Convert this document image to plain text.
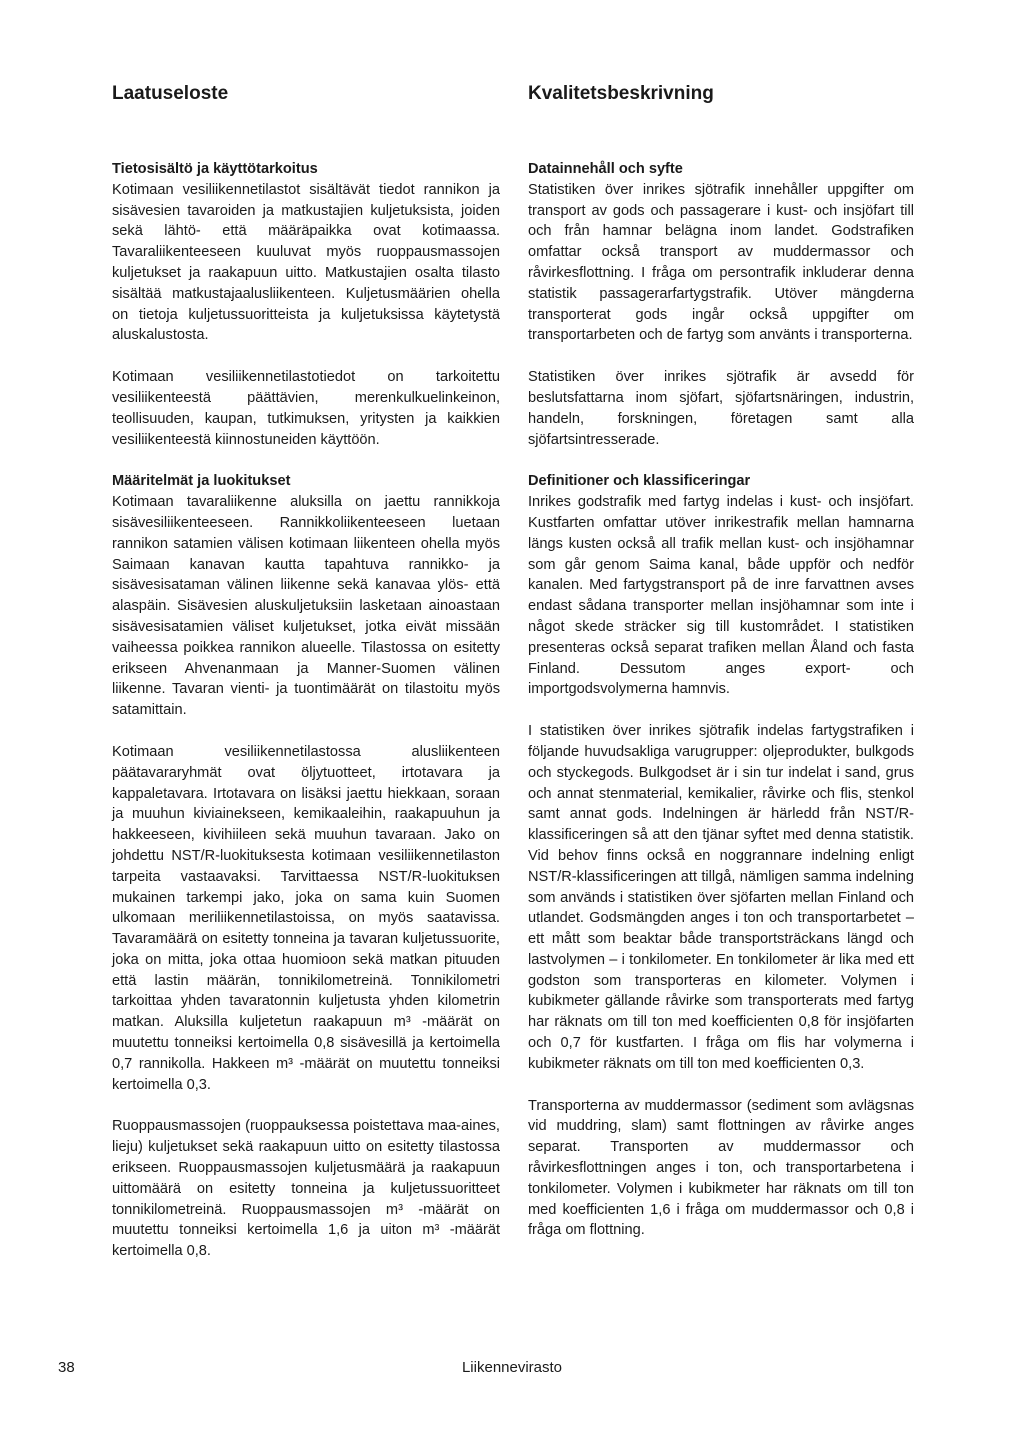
Laatuseloste
Tietosisältö ja käyttötarkoitus

Kotimaan vesiliikennetilastot sisältävät tiedot rannikon ja sisävesien tavaroiden ja matkustajien kuljetuksista, joiden sekä lähtö- että määräpaikka ovat kotimaassa. Tavaraliikenteeseen kuuluvat myös ruoppausmassojen kuljetukset ja raakapuun uitto. Matkustajien osalta tilasto sisältää matkustajaalusliikenteen. Kuljetusmäärien ohella on tietoja kuljetussuoritteista ja kuljetuksissa käytetystä aluskalustosta.

Kotimaan vesiliikennetilastotiedot on tarkoitettu vesiliikenteestä päättävien, merenkulkuelinkeinon, teollisuuden, kaupan, tutkimuksen, yritysten ja kaikkien vesiliikenteestä kiinnostuneiden käyttöön.

Määritelmät ja luokitukset

Kotimaan tavaraliikenne aluksilla on jaettu rannikkoja sisävesiliikenteeseen. Rannikkoliikenteeseen luetaan rannikon satamien välisen kotimaan liikenteen ohella myös Saimaan kanavan kautta tapahtuva rannikko- ja sisävesisataman välinen liikenne sekä kanavaa ylös- että alaspäin. Sisävesien aluskuljetuksiin lasketaan ainoastaan sisävesisatamien väliset kuljetukset, jotka eivät missään vaiheessa poikkea rannikon alueelle. Tilastossa on esitetty erikseen Ahvenanmaan ja Manner-Suomen välinen liikenne. Tavaran vienti- ja tuontimäärät on tilastoitu myös satamittain.

Kotimaan vesiliikennetilastossa alusliikenteen päätavararyhmät ovat öljytuotteet, irtotavara ja kappaletavara. Irtotavara on lisäksi jaettu hiekkaan, soraan ja muuhun kiviainekseen, kemikaaleihin, raakapuuhun ja hakkeeseen, kivihiileen sekä muuhun tavaraan. Jako on johdettu NST/R-luokituksesta kotimaan vesiliikennetilaston tarpeita vastaavaksi. Tarvittaessa NST/R-luokituksen mukainen tarkempi jako, joka on sama kuin Suomen ulkomaan meriliikennetilastoissa, on myös saatavissa. Tavaramäärä on esitetty tonneina ja tavaran kuljetussuorite, joka on mitta, joka ottaa huomioon sekä matkan pituuden että lastin määrän, tonnikilometreinä. Tonnikilometri tarkoittaa yhden tavaratonnin kuljetusta yhden kilometrin matkan. Aluksilla kuljetetun raakapuun m³ -määrät on muutettu tonneiksi kertoimella 0,8 sisävesillä ja kertoimella 0,7 rannikolla. Hakkeen m³ -määrät on muutettu tonneiksi kertoimella 0,3.

Ruoppausmassojen (ruoppauksessa poistettava maa-aines, lieju) kuljetukset sekä raakapuun uitto on esitetty tilastossa erikseen. Ruoppausmassojen kuljetusmäärä ja raakapuun uittomäärä on esitetty tonneina ja kuljetussuoritteet tonnikilometreinä. Ruoppausmassojen m³ -määrät on muutettu tonneiksi kertoimella 1,6 ja uiton m³ -määrät kertoimella 0,8.

Kvalitetsbeskrivning
Datainnehåll och syfte

Statistiken över inrikes sjötrafik innehåller uppgifter om transport av gods och passagerare i kust- och insjöfart till och från hamnar belägna inom landet. Godstrafiken omfattar också transport av muddermassor och råvirkesflottning. I fråga om persontrafik inkluderar denna statistik passagerarfartygstrafik. Utöver mängderna transporterat gods ingår också uppgifter om transportarbeten och de fartyg som använts i transporterna.

Statistiken över inrikes sjötrafik är avsedd för beslutsfattarna inom sjöfart, sjöfartsnäringen, industrin, handeln, forskningen, företagen samt alla sjöfartsintresserade.

Definitioner och klassificeringar

Inrikes godstrafik med fartyg indelas i kust- och insjöfart. Kustfarten omfattar utöver inrikestrafik mellan hamnarna längs kusten också all trafik mellan kust- och insjöhamnar som går genom Saima kanal, både uppför och nedför kanalen. Med fartygstransport på de inre farvattnen avses endast sådana transporter mellan insjöhamnar som inte i något skede sträcker sig till kustområdet. I statistiken presenteras också separat trafiken mellan Åland och fasta Finland. Dessutom anges export- och importgodsvolymerna hamnvis.

I statistiken över inrikes sjötrafik indelas fartygstrafiken i följande huvudsakliga varugrupper: oljeprodukter, bulkgods och styckegods. Bulkgodset är i sin tur indelat i sand, grus och annat stenmaterial, kemikalier, råvirke och flis, stenkol samt annat gods. Indelningen är härledd från NST/R-klassificeringen så att den tjänar syftet med denna statistik. Vid behov finns också en noggrannare indelning enligt NST/R-klassificeringen att tillgå, nämligen samma indelning som används i statistiken över sjöfarten mellan Finland och utlandet. Godsmängden anges i ton och transportarbetet – ett mått som beaktar både transportsträckans längd och lastvolymen – i tonkilometer. En tonkilometer är lika med ett godston som transporteras en kilometer. Volymen i kubikmeter gällande råvirke som transporterats med fartyg har räknats om till ton med koefficienten 0,8 för insjöfarten och 0,7 för kustfarten. I fråga om flis har volymerna i kubikmeter räknats om till ton med koefficienten 0,3.

Transporterna av muddermassor (sediment som avlägsnas vid muddring, slam) samt flottningen av råvirke anges separat. Transporten av muddermassor och råvirkesflottningen anges i ton, och transportarbetena i tonkilometer. Volymen i kubikmeter har räknats om till ton med koefficienten 1,6 i fråga om muddermassor och 0,8 i fråga om flottning.

Liikennevirasto
38
